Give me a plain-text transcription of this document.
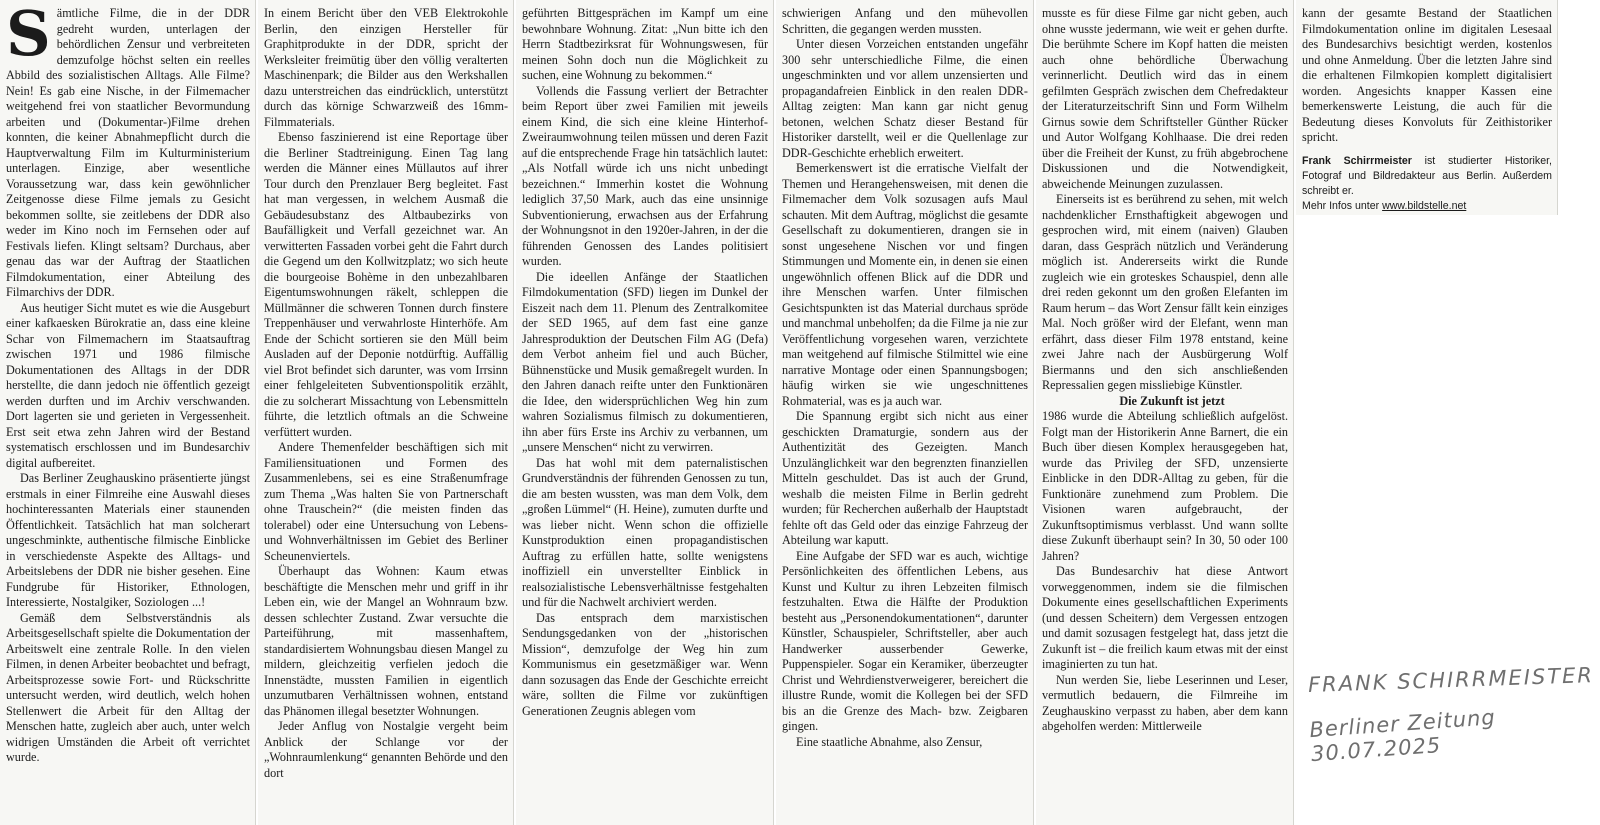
Sämtliche Filme, die in der DDR gedreht wurden, unterlagen der behördlichen Zensur und verbreiteten demzufolge höchst selten ein reelles Abbild des sozialistischen Alltags. Alle Filme? Nein! Es gab eine Nische, in der Filmemacher weitgehend frei von staatlicher Bevormundung arbeiten und (Dokumentar-)Filme drehen konnten, die keiner Abnahmepflicht durch die Hauptverwaltung Film im Kulturministerium unterlagen. Einzige, aber wesentliche Voraussetzung war, dass kein gewöhnlicher Zeitgenosse diese Filme jemals zu Gesicht bekommen sollte, sie zeitlebens der DDR also weder im Kino noch im Fernsehen oder auf Festivals liefen. Klingt seltsam? Durchaus, aber genau das war der Auftrag der Staatlichen Filmdokumentation, einer Abteilung des Filmarchivs der DDR.

Aus heutiger Sicht mutet es wie die Ausgeburt einer kafkaesken Bürokratie an, dass eine kleine Schar von Filmemachern im Staatsauftrag zwischen 1971 und 1986 filmische Dokumentationen des Alltags in der DDR herstellte, die dann jedoch nie öffentlich gezeigt werden durften und im Archiv verschwanden. Dort lagerten sie und gerieten in Vergessenheit. Erst seit etwa zehn Jahren wird der Bestand systematisch erschlossen und im Bundesarchiv digital aufbereitet.

Das Berliner Zeughauskino präsentierte jüngst erstmals in einer Filmreihe eine Auswahl dieses hochinteressanten Materials einer staunenden Öffentlichkeit. Tatsächlich hat man solcherart ungeschminkte, authentische filmische Einblicke in verschiedenste Aspekte des Alltags- und Arbeitslebens der DDR nie bisher gesehen. Eine Fundgrube für Historiker, Ethnologen, Interessierte, Nostalgiker, Soziologen ...!

Gemäß dem Selbstverständnis als Arbeitsgesellschaft spielte die Dokumentation der Arbeitswelt eine zentrale Rolle. In den vielen Filmen, in denen Arbeiter beobachtet und befragt, Arbeitsprozesse sowie Fort- und Rückschritte untersucht werden, wird deutlich, welch hohen Stellenwert die Arbeit für den Alltag der Menschen hatte, zugleich aber auch, unter welch widrigen Umständen die Arbeit oft verrichtet wurde.

In einem Bericht über den VEB Elektrokohle Berlin, den einzigen Hersteller für Graphitprodukte in der DDR, spricht der Werksleiter freimütig über den völlig veralterten Maschinenpark; die Bilder aus den Werkshallen dazu unterstreichen das eindrücklich, unterstützt durch das körnige Schwarzweiß des 16mm-Filmmaterials.

Ebenso faszinierend ist eine Reportage über die Berliner Stadtreinigung. Einen Tag lang werden die Männer eines Müllautos auf ihrer Tour durch den Prenzlauer Berg begleitet. Fast hat man vergessen, in welchem Ausmaß die Gebäudesubstanz des Altbaubezirks von Baufälligkeit und Verfall gezeichnet war. An verwitterten Fassaden vorbei geht die Fahrt durch die Gegend um den Kollwitzplatz; wo sich heute die bourgeoise Bohème in den unbezahlbaren Eigentumswohnungen räkelt, schleppen die Müllmänner die schweren Tonnen durch finstere Treppenhäuser und verwahrloste Hinterhöfe. Am Ende der Schicht sortieren sie den Müll beim Ausladen auf der Deponie notdürftig. Auffällig viel Brot befindet sich darunter, was vom Irrsinn einer fehlgeleiteten Subventionspolitik erzählt, die zu solcherart Missachtung von Lebensmitteln führte, die letztlich oftmals an die Schweine verfüttert wurden.

Andere Themenfelder beschäftigen sich mit Familiensituationen und Formen des Zusammenlebens, sei es eine Straßenumfrage zum Thema „Was halten Sie von Partnerschaft ohne Trauschein?“ (die meisten finden das tolerabel) oder eine Untersuchung von Lebens- und Wohnverhältnissen im Gebiet des Berliner Scheunenviertels.

Überhaupt das Wohnen: Kaum etwas beschäftigte die Menschen mehr und griff in ihr Leben ein, wie der Mangel an Wohnraum bzw. dessen schlechter Zustand. Zwar versuchte die Parteiführung, mit massenhaftem, standardisiertem Wohnungsbau diesen Mangel zu mildern, gleichzeitig verfielen jedoch die Innenstädte, mussten Familien in eigentlich unzumutbaren Verhältnissen wohnen, entstand das Phänomen illegal besetzter Wohnungen.

Jeder Anflug von Nostalgie vergeht beim Anblick der Schlange vor der „Wohnraumlenkung“ genannten Behörde und den dort

geführten Bittgesprächen im Kampf um eine bewohnbare Wohnung. Zitat: „Nun bitte ich den Herrn Stadtbezirksrat für Wohnungswesen, für meinen Sohn doch nun die Möglichkeit zu suchen, eine Wohnung zu bekommen.“

Vollends die Fassung verliert der Betrachter beim Report über zwei Familien mit jeweils einem Kind, die sich eine kleine Hinterhof-Zweiraumwohnung teilen müssen und deren Fazit auf die entsprechende Frage hin tatsächlich lautet: „Als Notfall würde ich uns nicht unbedingt bezeichnen.“ Immerhin kostet die Wohnung lediglich 37,50 Mark, auch das eine unsinnige Subventionierung, erwachsen aus der Erfahrung der Wohnungsnot in den 1920er-Jahren, in der die führenden Genossen des Landes politisiert wurden.

Die ideellen Anfänge der Staatlichen Filmdokumentation (SFD) liegen im Dunkel der Eiszeit nach dem 11. Plenum des Zentralkomitee der SED 1965, auf dem fast eine ganze Jahresproduktion der Deutschen Film AG (Defa) dem Verbot anheim fiel und auch Bücher, Bühnenstücke und Musik gemaßregelt wurden. In den Jahren danach reifte unter den Funktionären die Idee, den widersprüchlichen Weg hin zum wahren Sozialismus filmisch zu dokumentieren, ihn aber fürs Erste ins Archiv zu verbannen, um „unsere Menschen“ nicht zu verwirren.

Das hat wohl mit dem paternalistischen Grundverständnis der führenden Genossen zu tun, die am besten wussten, was man dem Volk, dem „großen Lümmel“ (H. Heine), zumuten durfte und was lieber nicht. Wenn schon die offizielle Kunstproduktion einen propagandistischen Auftrag zu erfüllen hatte, sollte wenigstens inoffiziell ein unverstellter Einblick in realsozialistische Lebensverhältnisse festgehalten und für die Nachwelt archiviert werden.

Das entsprach dem marxistischen Sendungsgedanken von der „historischen Mission“, demzufolge der Weg hin zum Kommunismus ein gesetzmäßiger war. Wenn dann sozusagen das Ende der Geschichte erreicht wäre, sollten die Filme vor zukünftigen Generationen Zeugnis ablegen vom

schwierigen Anfang und den mühevollen Schritten, die gegangen werden mussten.

Unter diesen Vorzeichen entstanden ungefähr 300 sehr unterschiedliche Filme, die einen ungeschminkten und vor allem unzensierten und propagandafreien Einblick in den realen DDR-Alltag zeigten: Man kann gar nicht genug betonen, welchen Schatz dieser Bestand für Historiker darstellt, weil er die Quellenlage zur DDR-Geschichte erheblich erweitert.

Bemerkenswert ist die erratische Vielfalt der Themen und Herangehensweisen, mit denen die Filmemacher dem Volk sozusagen aufs Maul schauten. Mit dem Auftrag, möglichst die gesamte Gesellschaft zu dokumentieren, drangen sie in sonst ungesehene Nischen vor und fingen Stimmungen und Momente ein, in denen sie einen ungewöhnlich offenen Blick auf die DDR und ihre Menschen warfen. Unter filmischen Gesichtspunkten ist das Material durchaus spröde und manchmal unbeholfen; da die Filme ja nie zur Veröffentlichung vorgesehen waren, verzichtete man weitgehend auf filmische Stilmittel wie eine narrative Montage oder einen Spannungsbogen; häufig wirken sie wie ungeschnittenes Rohmaterial, was es ja auch war.

Die Spannung ergibt sich nicht aus einer geschickten Dramaturgie, sondern aus der Authentizität des Gezeigten. Manch Unzulänglichkeit war den begrenzten finanziellen Mitteln geschuldet. Das ist auch der Grund, weshalb die meisten Filme in Berlin gedreht wurden; für Recherchen außerhalb der Hauptstadt fehlte oft das Geld oder das einzige Fahrzeug der Abteilung war kaputt.

Eine Aufgabe der SFD war es auch, wichtige Persönlichkeiten des öffentlichen Lebens, aus Kunst und Kultur zu ihren Lebzeiten filmisch festzuhalten. Etwa die Hälfte der Produktion besteht aus „Personendokumentationen“, darunter Künstler, Schauspieler, Schriftsteller, aber auch Handwerker ausserbender Gewerke, Puppenspieler. Sogar ein Keramiker, überzeugter Christ und Wehrdienstverweigerer, bereichert die illustre Runde, womit die Kollegen bei der SFD bis an die Grenze des Mach- bzw. Zeigbaren gingen.

Eine staatliche Abnahme, also Zensur,

musste es für diese Filme gar nicht geben, auch ohne wusste jedermann, wie weit er gehen durfte. Die berühmte Schere im Kopf hatten die meisten auch ohne behördliche Überwachung verinnerlicht. Deutlich wird das in einem gefilmten Gespräch zwischen dem Chefredakteur der Literaturzeitschrift Sinn und Form Wilhelm Girnus sowie dem Schriftsteller Günther Rücker und Autor Wolfgang Kohlhaase. Die drei reden über die Freiheit der Kunst, zu früh abgebrochene Diskussionen und die Notwendigkeit, abweichende Meinungen zuzulassen.

Einerseits ist es berührend zu sehen, mit welch nachdenklicher Ernsthaftigkeit abgewogen und gesprochen wird, mit einem (naiven) Glauben daran, dass Gespräch nützlich und Veränderung möglich ist. Andererseits wirkt die Runde zugleich wie ein groteskes Schauspiel, denn alle drei reden gekonnt um den großen Elefanten im Raum herum – das Wort Zensur fällt kein einziges Mal. Noch größer wird der Elefant, wenn man erfährt, dass dieser Film 1978 entstand, keine zwei Jahre nach der Ausbürgerung Wolf Biermanns und den sich anschließenden Repressalien gegen missliebige Künstler.

Die Zukunft ist jetzt

1986 wurde die Abteilung schließlich aufgelöst. Folgt man der Historikerin Anne Barnert, die ein Buch über diesen Komplex herausgegeben hat, wurde das Privileg der SFD, unzensierte Einblicke in den DDR-Alltag zu geben, für die Funktionäre zunehmend zum Problem. Die Visionen waren aufgebraucht, der Zukunftsoptimismus verblasst. Und wann sollte diese Zukunft überhaupt sein? In 30, 50 oder 100 Jahren?

Das Bundesarchiv hat diese Antwort vorweggenommen, indem sie die filmischen Dokumente eines gesellschaftlichen Experiments (und dessen Scheitern) dem Vergessen entzogen und damit sozusagen festgelegt hat, dass jetzt die Zukunft ist – die freilich kaum etwas mit der einst imaginierten zu tun hat.

Nun werden Sie, liebe Leserinnen und Leser, vermutlich bedauern, die Filmreihe im Zeughauskino verpasst zu haben, aber dem kann abgeholfen werden: Mittlerweile

kann der gesamte Bestand der Staatlichen Filmdokumentation online im digitalen Lesesaal des Bundesarchivs besichtigt werden, kostenlos und ohne Anmeldung. Über die letzten Jahre sind die erhaltenen Filmkopien komplett digitalisiert worden. Angesichts knapper Kassen eine bemerkenswerte Leistung, die auch für die Bedeutung dieses Konvoluts für Zeithistoriker spricht.

Frank Schirrmeister ist studierter Historiker, Fotograf und Bildredakteur aus Berlin. Außerdem schreibt er.
Mehr Infos unter www.bildstelle.net
FRANK SCHIRRMEISTER
Berliner Zeitung 30.07.2025
